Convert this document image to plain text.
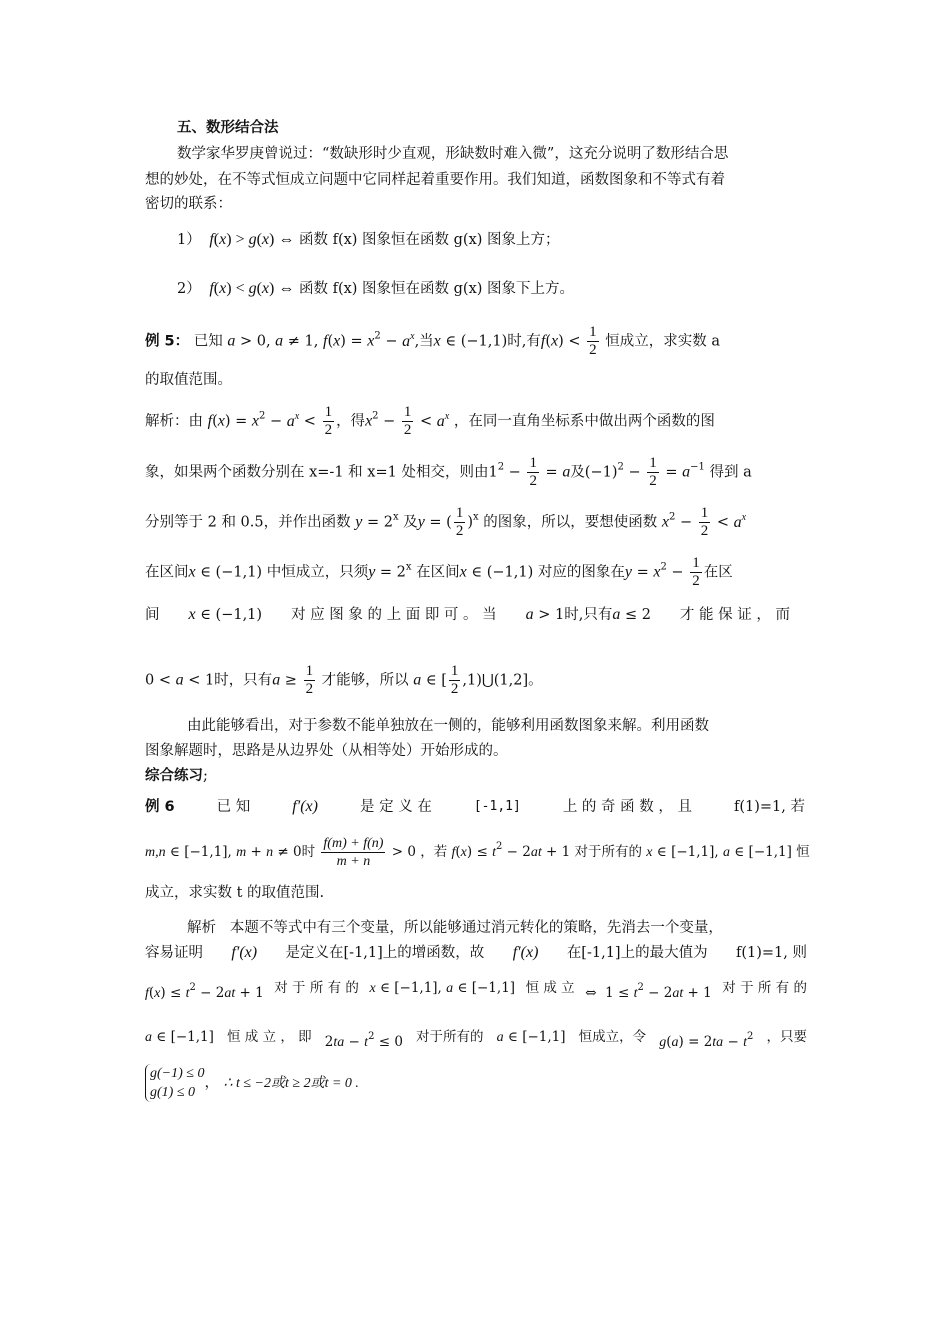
五、数形结合法
数学家华罗庚曾说过：“数缺形时少直观，形缺数时难入微”，这充分说明了数形结合思
想的妙处，在不等式恒成立问题中它同样起着重要作用。我们知道，函数图象和不等式有着
密切的联系：
1）  f(x) > g(x) ⇔ 函数 f(x) 图象恒在函数 g(x) 图象上方；
2）  f(x) < g(x) ⇔ 函数 f(x) 图象恒在函数 g(x) 图象下上方。
例 5： 已知 a > 0, a ≠ 1, $f(x) = x^2 - a^x$,当x ∈ (−1,1)时,有$f(x) < \frac{1}{2}$ 恒成立，求实数 a
的取值范围。
解析：由 $f(x) = x^2 - a^x < \frac{1}{2}$ ，得$x^2 - \frac{1}{2} < a^x$ ，在同一直角坐标系中做出两个函数的图
象，如果两个函数分别在 x=-1 和 x=1 处相交，则由$1^2 - \frac{1}{2} = a$及$(-1)^2 - \frac{1}{2} = a^{-1}$ 得到 a
分别等于 2 和 0.5，并作出函数 $y = 2^x$ 及y = ( $\frac{1}{2} )^x$ 的图象，所以，要想使函数 $x^2 - \frac{1}{2} < a^x$
在区间x ∈ (−1,1) 中恒成立，只须$y = 2^x$ 在区间x ∈ (−1,1) 对应的图象在$y = x^2 - \frac{1}{2}$ 在区
间 x ∈ (−1,1) 对 应 图 象 的 上 面 即 可 。 当 a > 1时,只有a ≤ 2 才 能 保 证 ， 而
0 < a < 1时，只有$a \ge \frac{1}{2}$ 才能够，所以 a ∈ [ $\frac{1}{2}$ ,1)⋃(1,2]。
由此能够看出，对于参数不能单独放在一侧的，能够利用函数图象来解。利用函数
图象解题时，思路是从边界处（从相等处）开始形成的。
综合练习;
例 6	已 知	f′(x)	是 定 义 在	[-1,1]	上 的 奇 函 数 ， 且	f(1)=1, 若
m,n ∈ [−1,1], m + n ≠ 0时 $\frac{f(m) + f(n)}{m + n} > 0$ ，若 $f(x) \le t^2 - 2at + 1$ 对于所有的 x ∈ [−1,1], a ∈ [−1,1] 恒
成立，求实数 t 的取值范围.
解析 本题不等式中有三个变量，所以能够通过消元转化的策略，先消去一个变量，
容易证明 f′(x) 是定义在[-1,1]上的增函数，故 f′(x) 在[-1,1]上的最大值为 f(1)=1, 则
$f(x) \le t^2 - 2at + 1$ 对 于 所 有 的 x ∈ [−1,1], a ∈ [−1,1] 恒 成 立 ⇔  $1 \le t^2 - 2at + 1$ 对 于 所 有 的
a ∈ [−1,1] 恒 成 立 ， 即 $2ta - t^2 \le 0$ 对于所有的 a ∈ [−1,1] 恒成立，令 $g(a) = 2ta - t^2$ ，只要
g(−1) ≤ 0
g(1) ≤ 0
， ∴ t ≤ −2或t ≥ 2或t = 0 .
